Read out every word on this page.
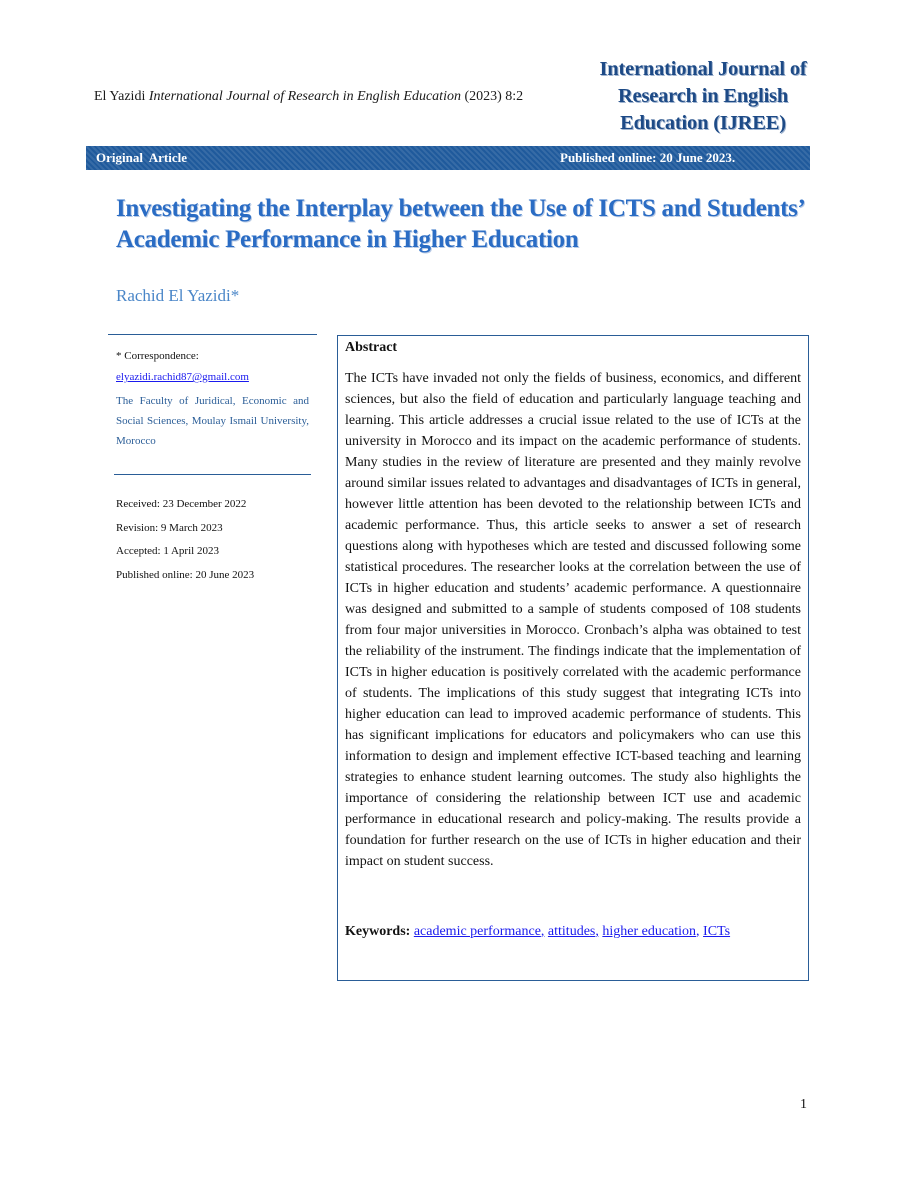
El Yazidi International Journal of Research in English Education (2023) 8:2
International Journal of
Research in English
Education (IJREE)
Original  Article	Published online: 20 June 2023.
Investigating the Interplay between the Use of ICTS and Students’ Academic Performance in Higher Education
Rachid El Yazidi*
* Correspondence:
elyazidi.rachid87@gmail.com
The Faculty of Juridical, Economic and Social Sciences, Moulay Ismail University, Morocco
Received: 23 December 2022
Revision: 9 March 2023
Accepted: 1 April 2023
Published online: 20 June 2023
Abstract
The ICTs have invaded not only the fields of business, economics, and different sciences, but also the field of education and particularly language teaching and learning. This article addresses a crucial issue related to the use of ICTs at the university in Morocco and its impact on the academic performance of students. Many studies in the review of literature are presented and they mainly revolve around similar issues related to advantages and disadvantages of ICTs in general, however little attention has been devoted to the relationship between ICTs and academic performance. Thus, this article seeks to answer a set of research questions along with hypotheses which are tested and discussed following some statistical procedures. The researcher looks at the correlation between the use of ICTs in higher education and students’ academic performance. A questionnaire was designed and submitted to a sample of students composed of 108 students from four major universities in Morocco. Cronbach’s alpha was obtained to test the reliability of the instrument. The findings indicate that the implementation of ICTs in higher education is positively correlated with the academic performance of students. The implications of this study suggest that integrating ICTs into higher education can lead to improved academic performance of students. This has significant implications for educators and policymakers who can use this information to design and implement effective ICT-based teaching and learning strategies to enhance student learning outcomes. The study also highlights the importance of considering the relationship between ICT use and academic performance in educational research and policy-making. The results provide a foundation for further research on the use of ICTs in higher education and their impact on student success.
Keywords: academic performance, attitudes, higher education, ICTs
1
